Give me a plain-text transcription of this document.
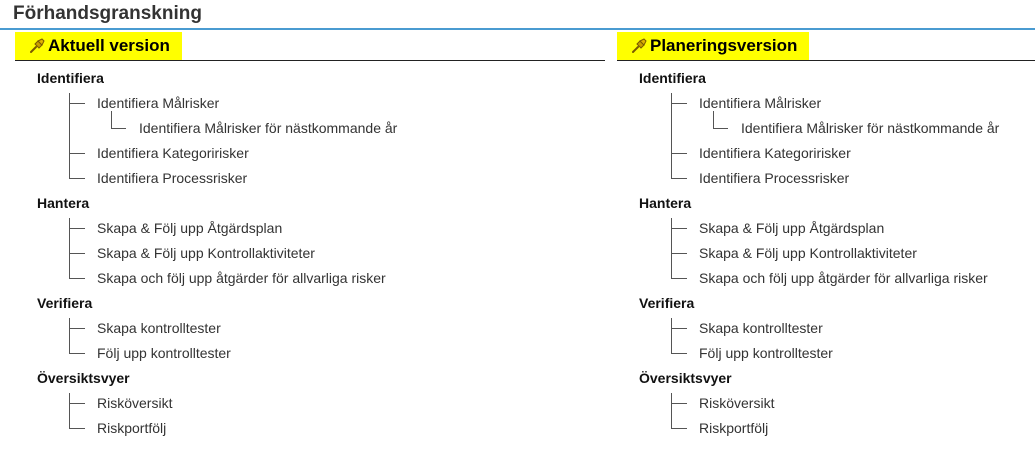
Förhandsgranskning
Aktuell version
Identifiera
Identifiera Målrisker
Identifiera Målrisker för nästkommande år
Identifiera Kategoririsker
Identifiera Processrisker
Hantera
Skapa & Följ upp Åtgärdsplan
Skapa & Följ upp Kontrollaktiviteter
Skapa och följ upp åtgärder för allvarliga risker
Verifiera
Skapa kontrolltester
Följ upp kontrolltester
Översiktsvyer
Risköversikt
Riskportfölj
Planeringsversion
Identifiera
Identifiera Målrisker
Identifiera Målrisker för nästkommande år
Identifiera Kategoririsker
Identifiera Processrisker
Hantera
Skapa & Följ upp Åtgärdsplan
Skapa & Följ upp Kontrollaktiviteter
Skapa och följ upp åtgärder för allvarliga risker
Verifiera
Skapa kontrolltester
Följ upp kontrolltester
Översiktsvyer
Risköversikt
Riskportfölj
